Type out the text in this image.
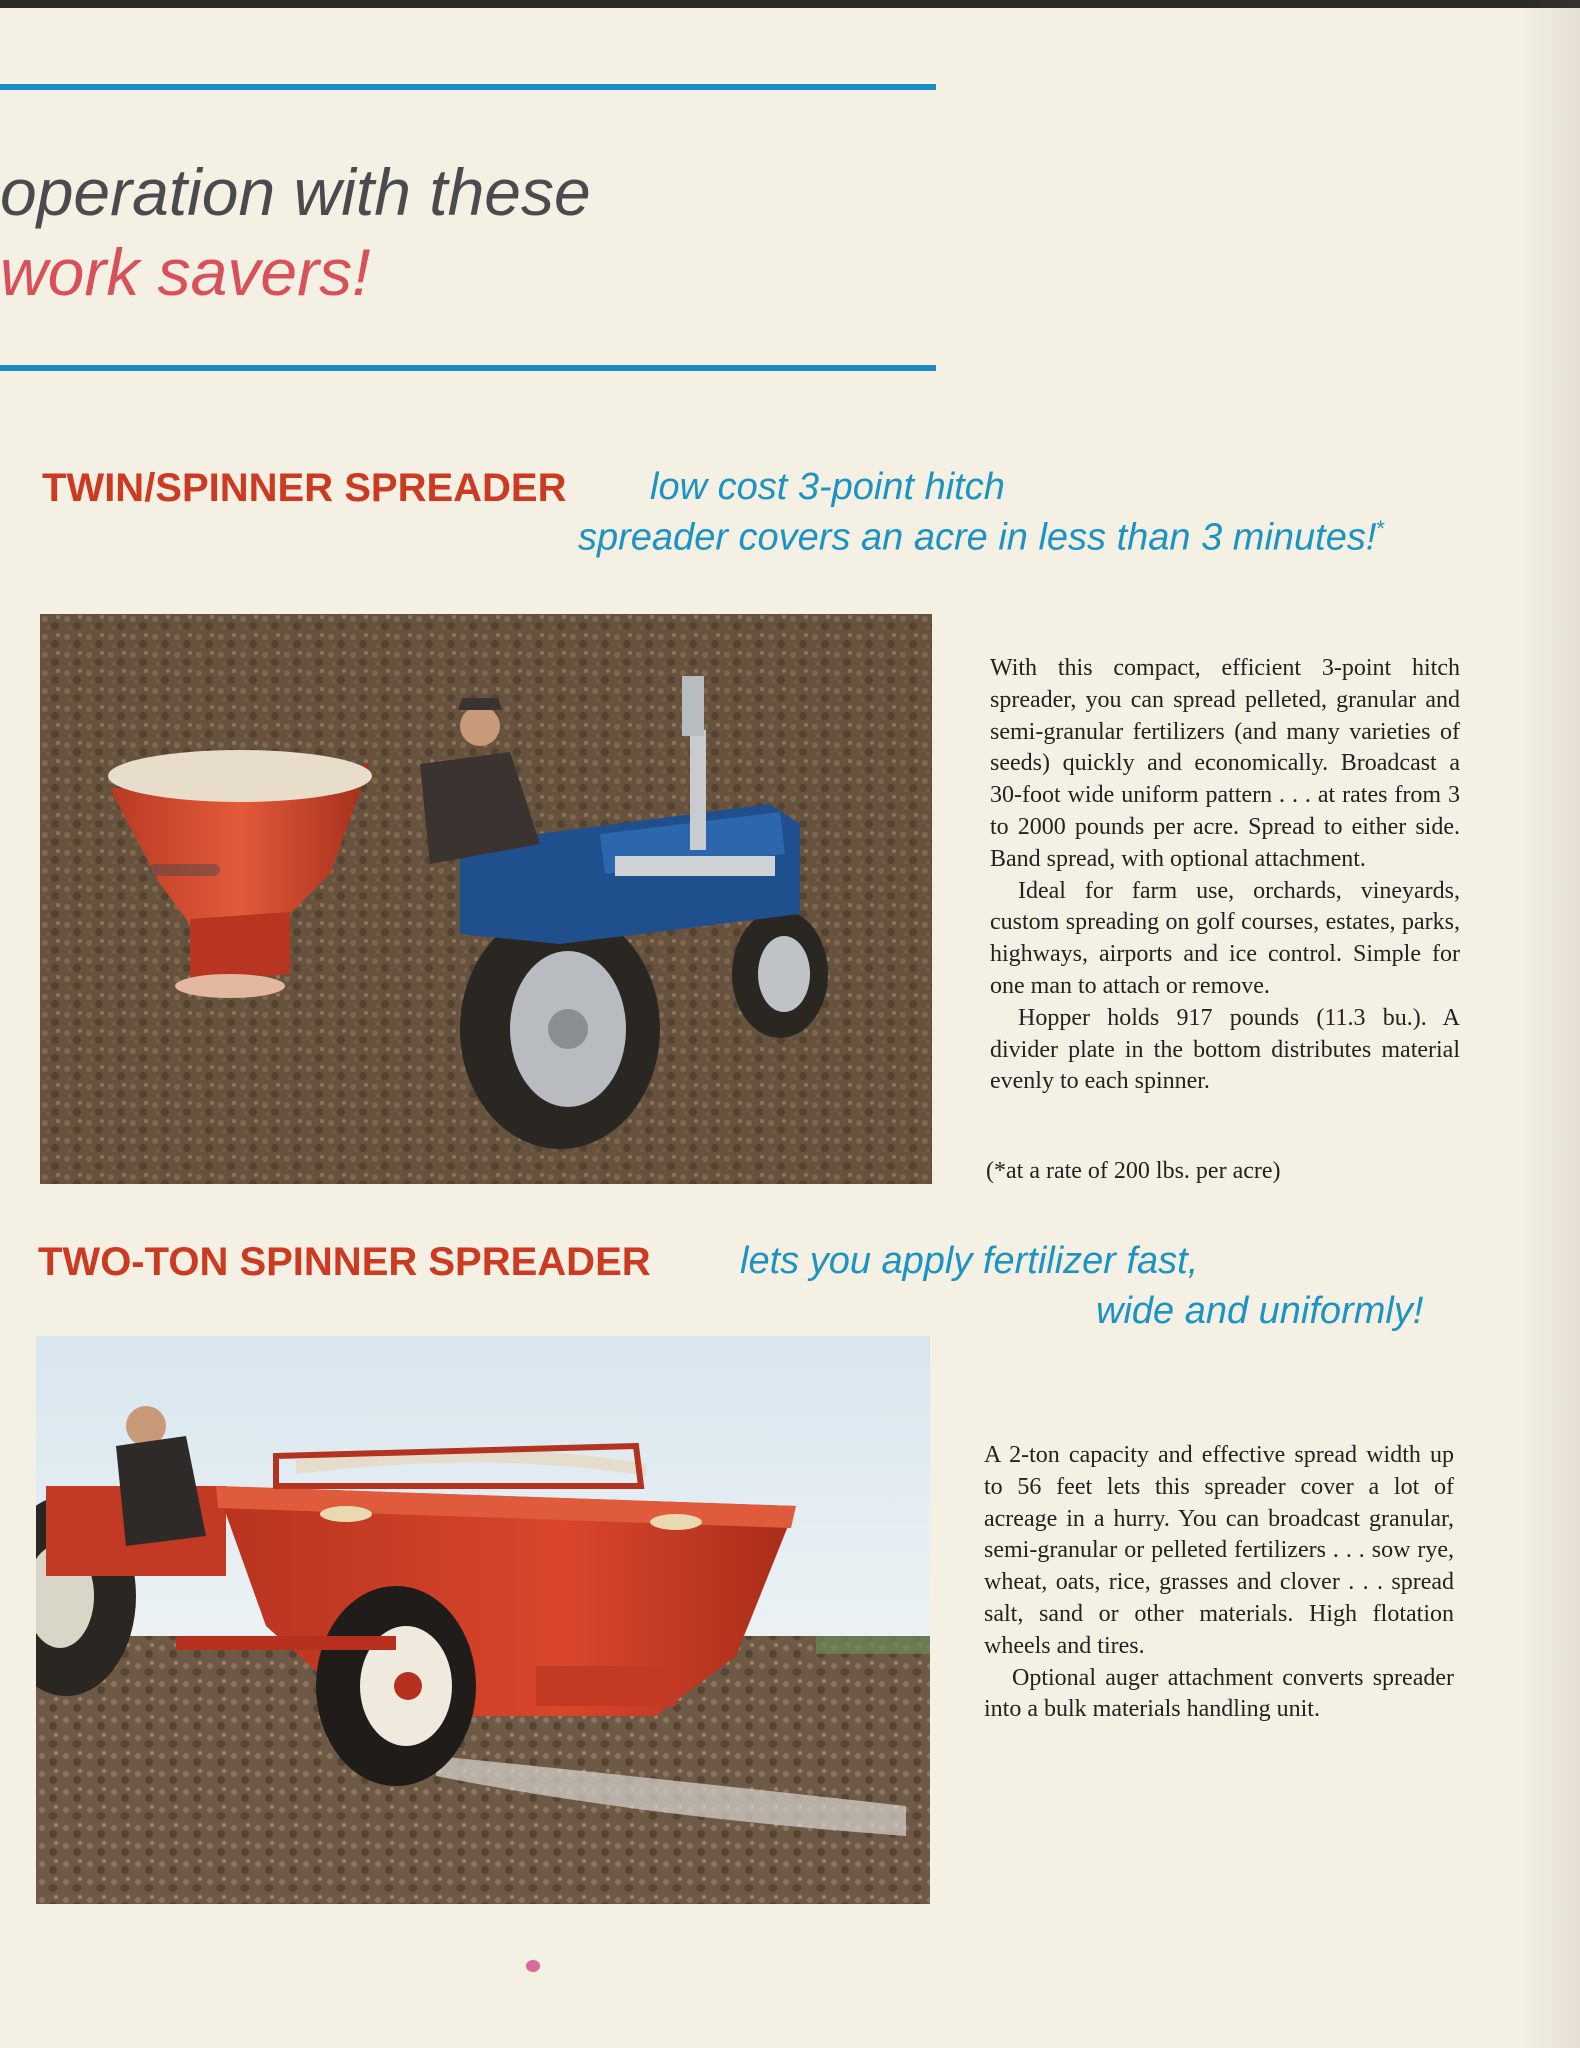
operation with these
work savers!
TWIN/SPINNER SPREADER low cost 3-point hitch
spreader covers an acre in less than 3 minutes!*

With this compact, efficient 3-point hitch spreader, you can spread pelleted, granular and semi-granular fertilizers (and many varieties of seeds) quickly and economically. Broadcast a 30-foot wide uniform pattern . . . at rates from 3 to 2000 pounds per acre. Spread to either side. Band spread, with optional attachment.

Ideal for farm use, orchards, vineyards, custom spreading on golf courses, estates, parks, highways, airports and ice control. Simple for one man to attach or remove.

Hopper holds 917 pounds (11.3 bu.). A divider plate in the bottom distributes material evenly to each spinner.

(*at a rate of 200 lbs. per acre)
TWO-TON SPINNER SPREADER lets you apply fertilizer fast,
wide and uniformly!

A 2-ton capacity and effective spread width up to 56 feet lets this spreader cover a lot of acreage in a hurry. You can broadcast granular, semi-granular or pelleted fertilizers . . . sow rye, wheat, oats, rice, grasses and clover . . . spread salt, sand or other materials. High flotation wheels and tires.

Optional auger attachment converts spreader into a bulk materials handling unit.
